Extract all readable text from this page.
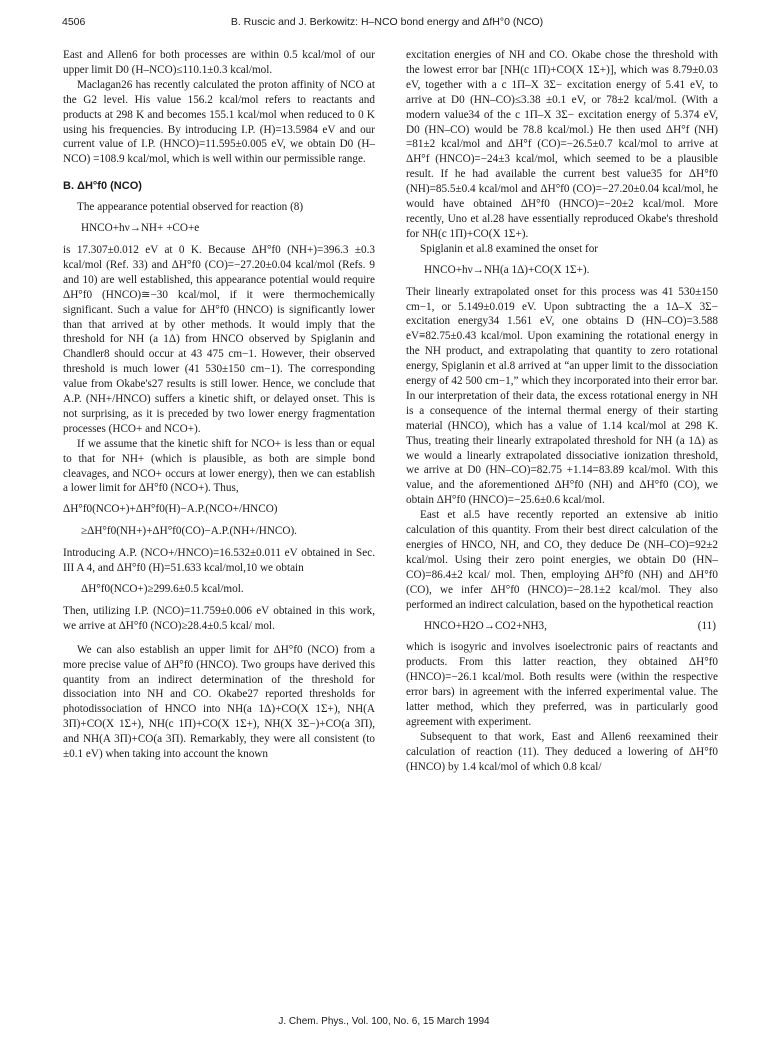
4506	B. Ruscic and J. Berkowitz: H–NCO bond energy and ΔfH°0 (NCO)

East and Allen6 for both processes are within 0.5 kcal/mol of our upper limit D0 (H–NCO)≤110.1±0.3 kcal/mol.

Maclagan26 has recently calculated the proton affinity of NCO at the G2 level. His value 156.2 kcal/mol refers to reactants and products at 298 K and becomes 155.1 kcal/mol when reduced to 0 K using his frequencies. By introducing I.P. (H)=13.5984 eV and our current value of I.P. (HNCO)=11.595±0.005 eV, we obtain D0 (H–NCO) =108.9 kcal/mol, which is well within our permissible range.

B. ΔH°f0 (NCO)

The appearance potential observed for reaction (8)

HNCO+hν→NH+ +CO+e

is 17.307±0.012 eV at 0 K. Because ΔH°f0 (NH+)=396.3 ±0.3 kcal/mol (Ref. 33) and ΔH°f0 (CO)=−27.20±0.04 kcal/mol (Refs. 9 and 10) are well established, this appearance potential would require ΔH°f0 (HNCO)≅−30 kcal/mol, if it were thermochemically significant. Such a value for ΔH°f0 (HNCO) is significantly lower than that arrived at by other methods. It would imply that the threshold for NH (a 1Δ) from HNCO observed by Spiglanin and Chandler8 should occur at 43 475 cm−1. However, their observed threshold is much lower (41 530±150 cm−1). The corresponding value from Okabe's27 results is still lower. Hence, we conclude that A.P. (NH+/HNCO) suffers a kinetic shift, or delayed onset. This is not surprising, as it is preceded by two lower energy fragmentation processes (HCO+ and NCO+).

If we assume that the kinetic shift for NCO+ is less than or equal to that for NH+ (which is plausible, as both are simple bond cleavages, and NCO+ occurs at lower energy), then we can establish a lower limit for ΔH°f0 (NCO+). Thus,

ΔH°f0(NCO+)+ΔH°f0(H)−A.P.(NCO+/HNCO)
≥ΔH°f0(NH+)+ΔH°f0(CO)−A.P.(NH+/HNCO).

Introducing A.P. (NCO+/HNCO)=16.532±0.011 eV obtained in Sec. III A 4, and ΔH°f0 (H)=51.633 kcal/mol,10 we obtain

ΔH°f0(NCO+)≥299.6±0.5 kcal/mol.

Then, utilizing I.P. (NCO)=11.759±0.006 eV obtained in this work, we arrive at ΔH°f0 (NCO)≥28.4±0.5 kcal/ mol.

We can also establish an upper limit for ΔH°f0 (NCO) from a more precise value of ΔH°f0 (HNCO). Two groups have derived this quantity from an indirect determination of the threshold for dissociation into NH and CO. Okabe27 reported thresholds for photodissociation of HNCO into NH(a 1Δ)+CO(X 1Σ+), NH(A 3Π)+CO(X 1Σ+), NH(c 1Π)+CO(X 1Σ+), NH(X 3Σ−)+CO(a 3Π), and NH(A 3Π)+CO(a 3Π). Remarkably, they were all consistent (to ±0.1 eV) when taking into account the known

excitation energies of NH and CO. Okabe chose the threshold with the lowest error bar [NH(c 1Π)+CO(X 1Σ+)], which was 8.79±0.03 eV, together with a c 1Π–X 3Σ− excitation energy of 5.41 eV, to arrive at D0 (HN–CO)≤3.38 ±0.1 eV, or 78±2 kcal/mol. (With a modern value34 of the c 1Π–X 3Σ− excitation energy of 5.374 eV, D0 (HN–CO) would be 78.8 kcal/mol.) He then used ΔH°f (NH) =81±2 kcal/mol and ΔH°f (CO)=−26.5±0.7 kcal/mol to arrive at ΔH°f (HNCO)=−24±3 kcal/mol, which seemed to be a plausible result. If he had available the current best value35 for ΔH°f0 (NH)=85.5±0.4 kcal/mol and ΔH°f0 (CO)=−27.20±0.04 kcal/mol, he would have obtained ΔH°f0 (HNCO)=−20±2 kcal/mol. More recently, Uno et al.28 have essentially reproduced Okabe's threshold for NH(c 1Π)+CO(X 1Σ+).

Spiglanin et al.8 examined the onset for

HNCO+hν→NH(a 1Δ)+CO(X 1Σ+).

Their linearly extrapolated onset for this process was 41 530±150 cm−1, or 5.149±0.019 eV. Upon subtracting the a 1Δ–X 3Σ− excitation energy34 1.561 eV, one obtains D (HN–CO)=3.588 eV≡82.75±0.43 kcal/mol. Upon examining the rotational energy in the NH product, and extrapolating that quantity to zero rotational energy, Spiglanin et al.8 arrived at “an upper limit to the dissociation energy of 42 500 cm−1,” which they incorporated into their error bar. In our interpretation of their data, the excess rotational energy in NH is a consequence of the internal thermal energy of their starting material (HNCO), which has a value of 1.14 kcal/mol at 298 K. Thus, treating their linearly extrapolated threshold for NH (a 1Δ) as we would a linearly extrapolated dissociative ionization threshold, we arrive at D0 (HN–CO)=82.75 +1.14=83.89 kcal/mol. With this value, and the aforementioned ΔH°f0 (NH) and ΔH°f0 (CO), we obtain ΔH°f0 (HNCO)=−25.6±0.6 kcal/mol.

East et al.5 have recently reported an extensive ab initio calculation of this quantity. From their best direct calculation of the energies of HNCO, NH, and CO, they deduce De (NH–CO)=92±2 kcal/mol. Using their zero point energies, we obtain D0 (HN–CO)=86.4±2 kcal/ mol. Then, employing ΔH°f0 (NH) and ΔH°f0 (CO), we infer ΔH°f0 (HNCO)=−28.1±2 kcal/mol. They also performed an indirect calculation, based on the hypothetical reaction

HNCO+H2O→CO2+NH3,	(11)

which is isogyric and involves isoelectronic pairs of reactants and products. From this latter reaction, they obtained ΔH°f0 (HNCO)=−26.1 kcal/mol. Both results were (within the respective error bars) in agreement with the inferred experimental value. The latter method, which they preferred, was in particularly good agreement with experiment.

Subsequent to that work, East and Allen6 reexamined their calculation of reaction (11). They deduced a lowering of ΔH°f0 (HNCO) by 1.4 kcal/mol of which 0.8 kcal/

J. Chem. Phys., Vol. 100, No. 6, 15 March 1994
